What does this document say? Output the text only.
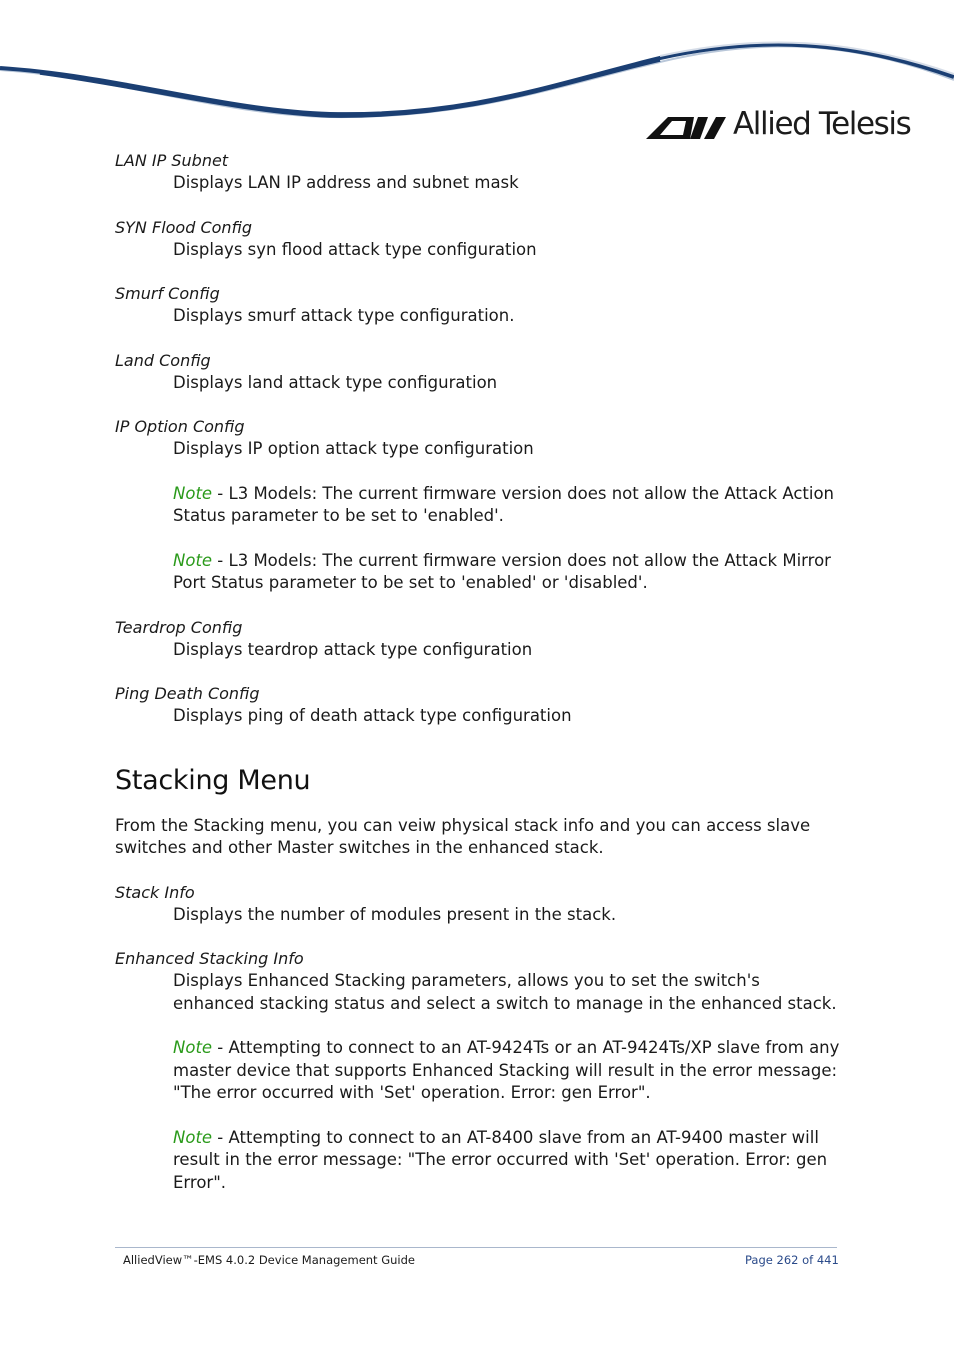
Allied Telesis
LAN IP Subnet
Displays LAN IP address and subnet mask
SYN Flood Config
Displays syn flood attack type configuration
Smurf Config
Displays smurf attack type configuration.
Land Config
Displays land attack type configuration
IP Option Config
Displays IP option attack type configuration
Note - L3 Models: The current firmware version does not allow the Attack Action Status parameter to be set to 'enabled'.
Note - L3 Models: The current firmware version does not allow the Attack Mirror Port Status parameter to be set to 'enabled' or 'disabled'.
Teardrop Config
Displays teardrop attack type configuration
Ping Death Config
Displays ping of death attack type configuration
Stacking Menu
From the Stacking menu, you can veiw physical stack info and you can access slave switches and other Master switches in the enhanced stack.
Stack Info
Displays the number of modules present in the stack.
Enhanced Stacking Info
Displays Enhanced Stacking parameters, allows you to set the switch's enhanced stacking status and select a switch to manage in the enhanced stack.
Note - Attempting to connect to an AT-9424Ts or an AT-9424Ts/XP slave from any master device that supports Enhanced Stacking will result in the error message: "The error occurred with 'Set' operation. Error: gen Error".
Note - Attempting to connect to an AT-8400 slave from an AT-9400 master will result in the error message: "The error occurred with 'Set' operation. Error: gen Error".
AlliedView™-EMS 4.0.2 Device Management Guide	Page 262 of 441
